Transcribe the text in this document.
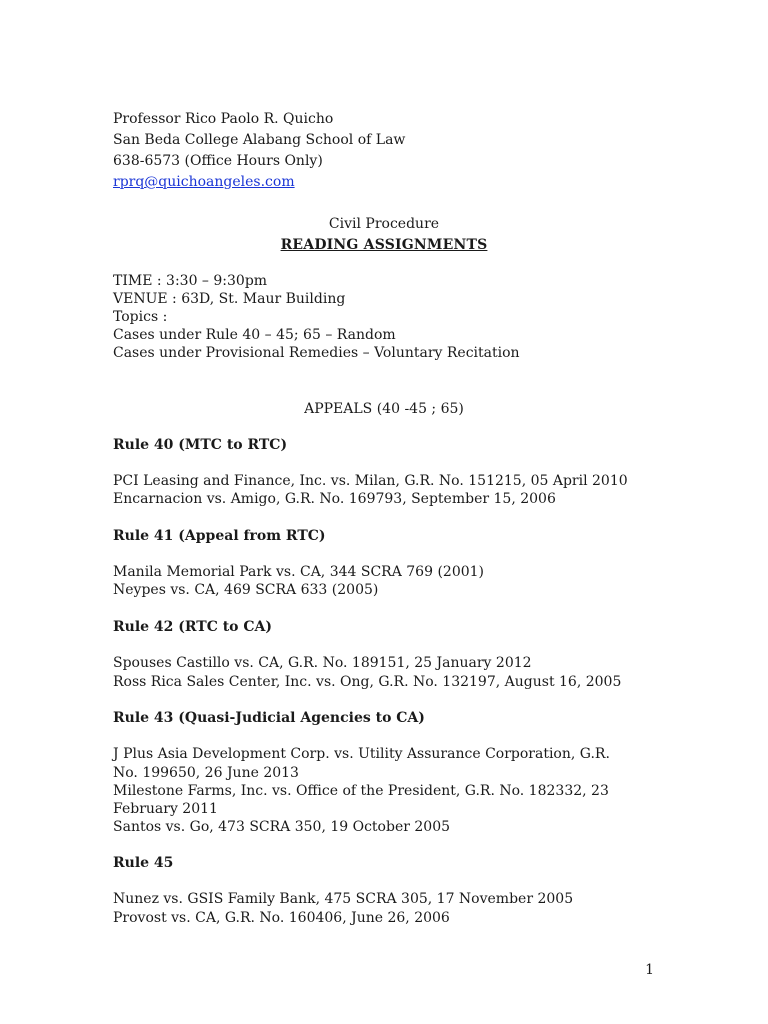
Professor Rico Paolo R. Quicho
San Beda College Alabang School of Law
638-6573 (Office Hours Only)
rprq@quichoangeles.com
Civil Procedure
READING ASSIGNMENTS
TIME : 3:30 – 9:30pm
VENUE : 63D, St. Maur Building
Topics :
Cases under Rule 40 – 45; 65 – Random
Cases under Provisional Remedies – Voluntary Recitation
APPEALS (40 -45 ; 65)
Rule 40 (MTC to RTC)
PCI Leasing and Finance, Inc. vs. Milan, G.R. No. 151215, 05 April 2010
Encarnacion vs. Amigo, G.R. No. 169793, September 15, 2006
Rule 41 (Appeal from RTC)
Manila Memorial Park vs. CA, 344 SCRA 769 (2001)
Neypes vs. CA, 469 SCRA 633 (2005)
Rule 42 (RTC to CA)
Spouses Castillo vs. CA, G.R. No. 189151, 25 January 2012
Ross Rica Sales Center, Inc. vs. Ong, G.R. No. 132197, August 16, 2005
Rule 43 (Quasi-Judicial Agencies to CA)
J Plus Asia Development Corp. vs. Utility Assurance Corporation, G.R.
No. 199650, 26 June 2013
Milestone Farms, Inc. vs. Office of the President, G.R. No. 182332, 23
February 2011
Santos vs. Go, 473 SCRA 350, 19 October 2005
Rule 45
Nunez vs. GSIS Family Bank, 475 SCRA 305, 17 November 2005
Provost vs. CA, G.R. No. 160406, June 26, 2006
1
